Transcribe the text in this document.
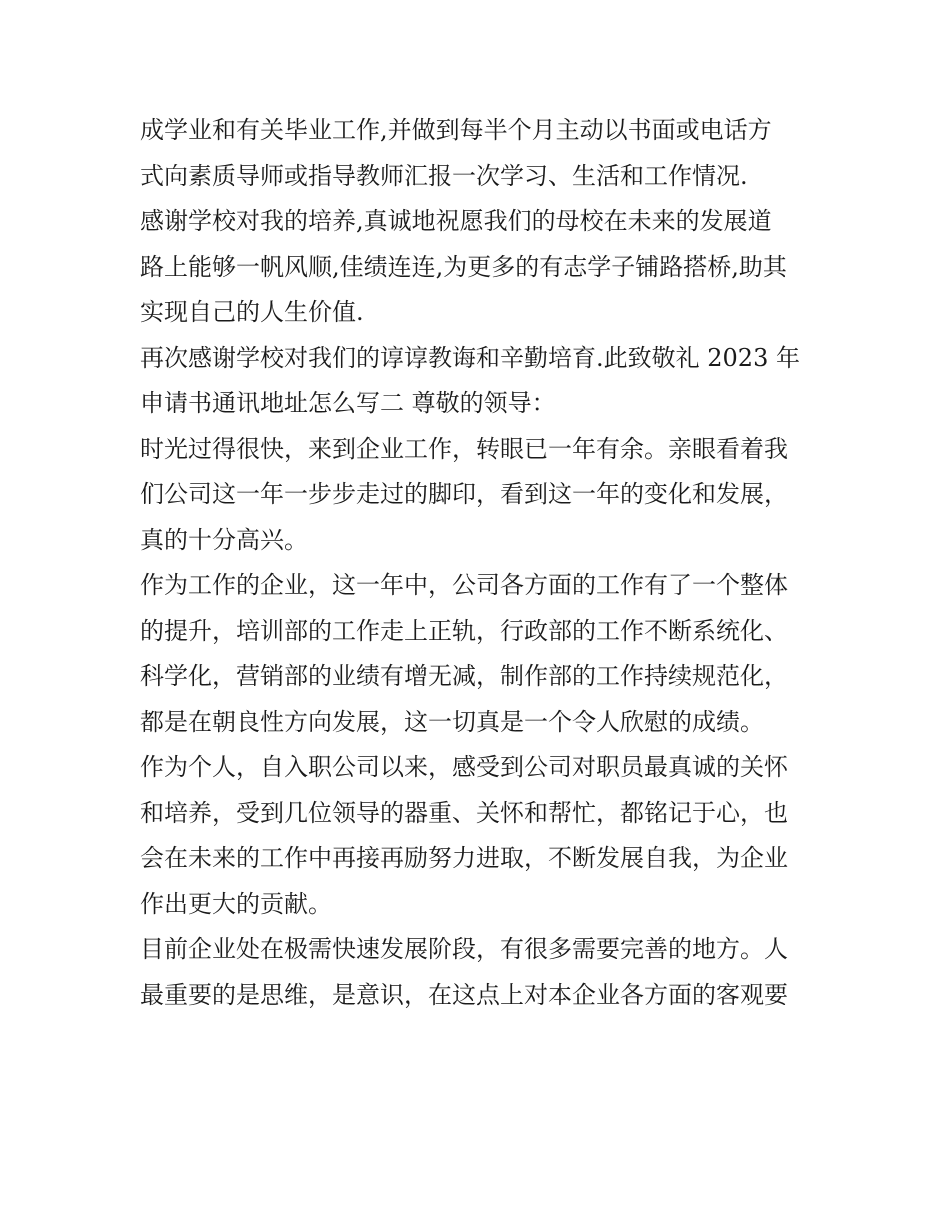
成学业和有关毕业工作,并做到每半个月主动以书面或电话方
式向素质导师或指导教师汇报一次学习、生活和工作情况.
感谢学校对我的培养,真诚地祝愿我们的母校在未来的发展道
路上能够一帆风顺,佳绩连连,为更多的有志学子铺路搭桥,助其
实现自己的人生价值.
再次感谢学校对我们的谆谆教诲和辛勤培育.此致敬礼 2023 年
申请书通讯地址怎么写二 尊敬的领导：
时光过得很快，来到企业工作，转眼已一年有余。亲眼看着我
们公司这一年一步步走过的脚印，看到这一年的变化和发展，
真的十分高兴。
作为工作的企业，这一年中，公司各方面的工作有了一个整体
的提升，培训部的工作走上正轨，行政部的工作不断系统化、
科学化，营销部的业绩有增无减，制作部的工作持续规范化，
都是在朝良性方向发展，这一切真是一个令人欣慰的成绩。
作为个人，自入职公司以来，感受到公司对职员最真诚的关怀
和培养，受到几位领导的器重、关怀和帮忙，都铭记于心，也
会在未来的工作中再接再励努力进取，不断发展自我，为企业
作出更大的贡献。
目前企业处在极需快速发展阶段，有很多需要完善的地方。人
最重要的是思维，是意识，在这点上对本企业各方面的客观要
